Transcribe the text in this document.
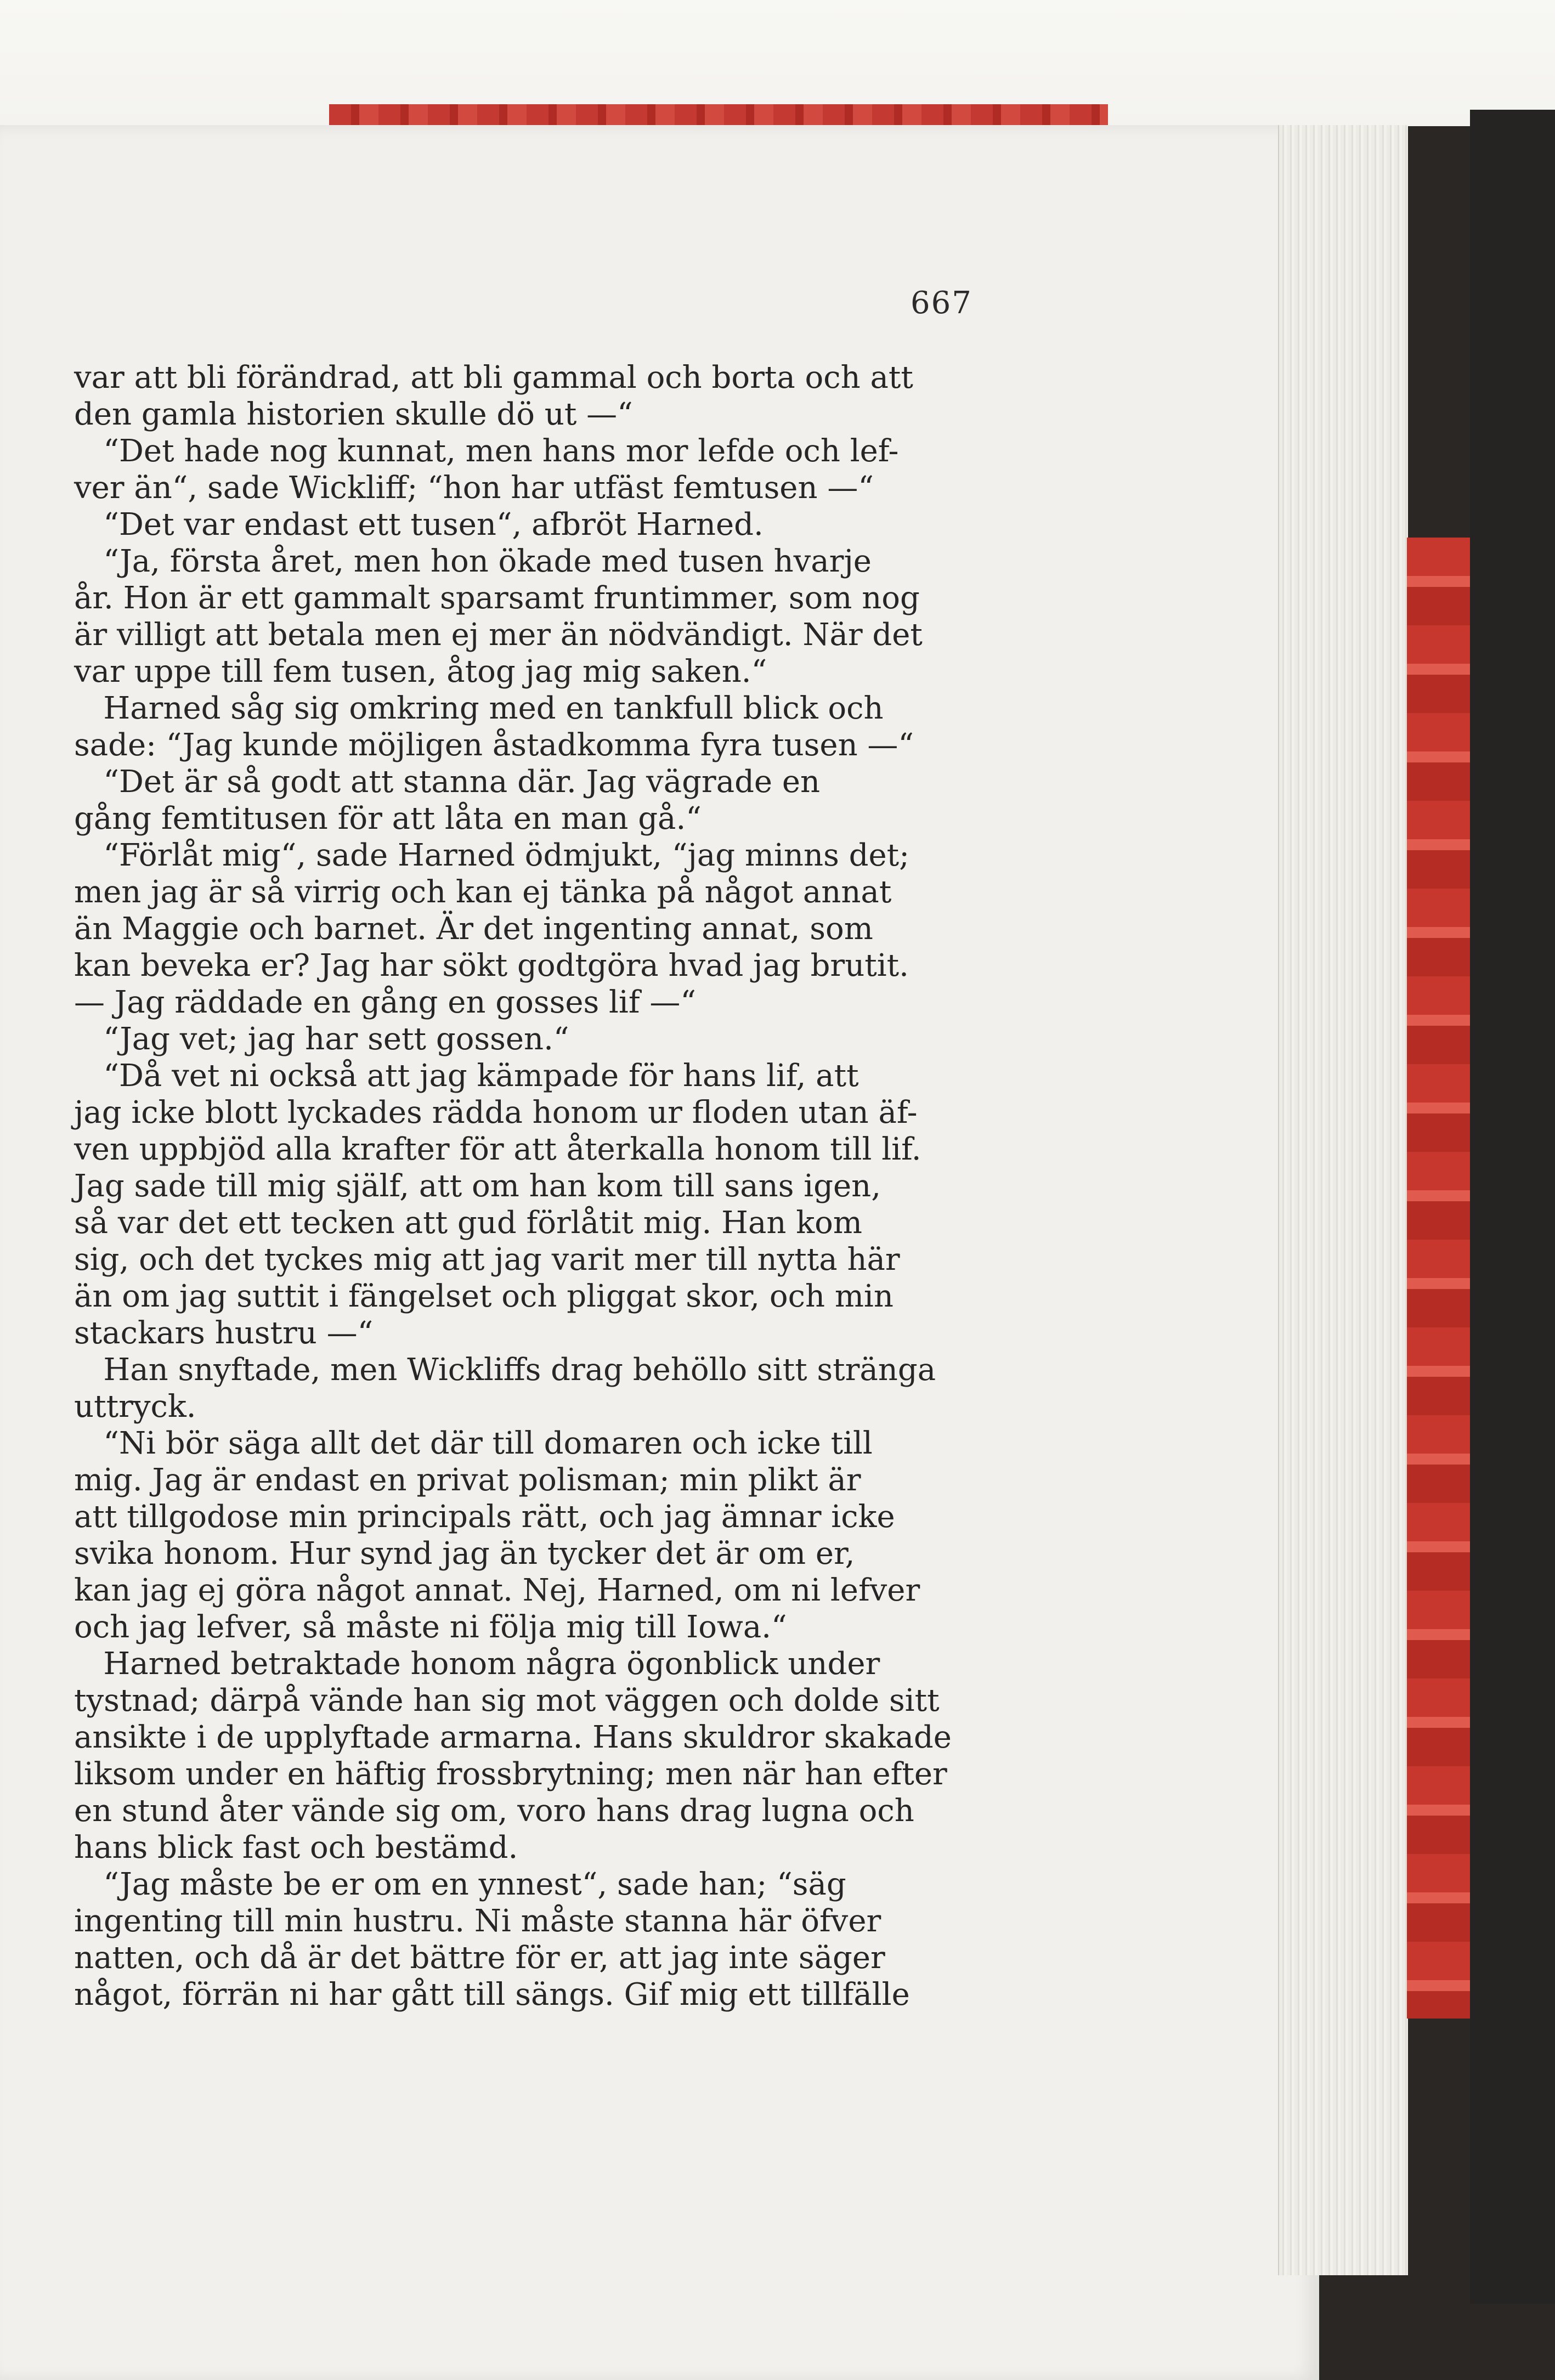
667
var att bli förändrad, att bli gammal och borta och att
den gamla historien skulle dö ut —“
“Det hade nog kunnat, men hans mor lefde och lef-
ver än“, sade Wickliff; “hon har utfäst femtusen —“
“Det var endast ett tusen“, afbröt Harned.
“Ja, första året, men hon ökade med tusen hvarje
år. Hon är ett gammalt sparsamt fruntimmer, som nog
är villigt att betala men ej mer än nödvändigt. När det
var uppe till fem tusen, åtog jag mig saken.“
Harned såg sig omkring med en tankfull blick och
sade: “Jag kunde möjligen åstadkomma fyra tusen —“
“Det är så godt att stanna där. Jag vägrade en
gång femtitusen för att låta en man gå.“
“Förlåt mig“, sade Harned ödmjukt, “jag minns det;
men jag är så virrig och kan ej tänka på något annat
än Maggie och barnet. Är det ingenting annat, som
kan beveka er? Jag har sökt godtgöra hvad jag brutit.
— Jag räddade en gång en gosses lif —“
“Jag vet; jag har sett gossen.“
“Då vet ni också att jag kämpade för hans lif, att
jag icke blott lyckades rädda honom ur floden utan äf-
ven uppbjöd alla krafter för att återkalla honom till lif.
Jag sade till mig själf, att om han kom till sans igen,
så var det ett tecken att gud förlåtit mig. Han kom
sig, och det tyckes mig att jag varit mer till nytta här
än om jag suttit i fängelset och pliggat skor, och min
stackars hustru —“
Han snyftade, men Wickliffs drag behöllo sitt stränga
uttryck.
“Ni bör säga allt det där till domaren och icke till
mig. Jag är endast en privat polisman; min plikt är
att tillgodose min principals rätt, och jag ämnar icke
svika honom. Hur synd jag än tycker det är om er,
kan jag ej göra något annat. Nej, Harned, om ni lefver
och jag lefver, så måste ni följa mig till Iowa.“
Harned betraktade honom några ögonblick under
tystnad; därpå vände han sig mot väggen och dolde sitt
ansikte i de upplyftade armarna. Hans skuldror skakade
liksom under en häftig frossbrytning; men när han efter
en stund åter vände sig om, voro hans drag lugna och
hans blick fast och bestämd.
“Jag måste be er om en ynnest“, sade han; “säg
ingenting till min hustru. Ni måste stanna här öfver
natten, och då är det bättre för er, att jag inte säger
något, förrän ni har gått till sängs. Gif mig ett tillfälle
